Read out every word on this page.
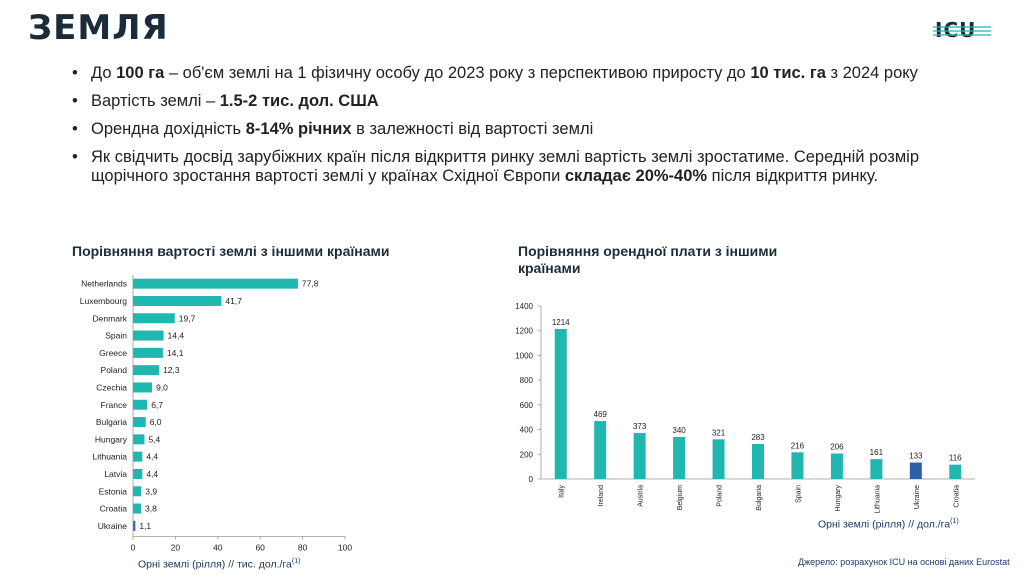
ЗЕМЛЯ	ICU
• До 100 га – об'єм землі на 1 фізичну особу до 2023 року з перспективою приросту до 10 тис. га з 2024 року
• Вартість землі – 1.5-2 тис. дол. США
• Орендна дохідність 8-14% річних в залежності від вартості землі
• Як свідчить досвід зарубіжних країн після відкриття ринку землі вартість землі зростатиме. Середній розмір щорічного зростання вартості землі у країнах Східної Європи складає 20%-40% після відкриття ринку.
Порівняння вартості землі з іншими країнами	Порівняння орендної плати з іншими країнами
Netherlands	77,8
Luxembourg	41,7
Denmark	19,7
Spain	14,4
Greece	14,1
Poland	12,3
Czechia	9,0
France	6,7
Bulgaria	6,0
Hungary	5,4
Lithuania 4,4
Latvia 4,4
Estonia 3,9
Croatia 3,8
Ukraine 1,1
0	20	40	60	80	100
0
200
400
600
800
1000
1200
1400
1214
Italy
469
Ireland
373
Austria
340
Belgium
321
Poland
283
Bulgaria
216
Spain
206
Hungary
161
Lithuania
133
Ukraine
116
Croatia
Орні землі (рілля) // тис. $дол./га^{(1)}$
Орні землі (рілля) // $дол./га^{(1)}$
Джерело: розрахунок ICU на основі даних Eurostat
